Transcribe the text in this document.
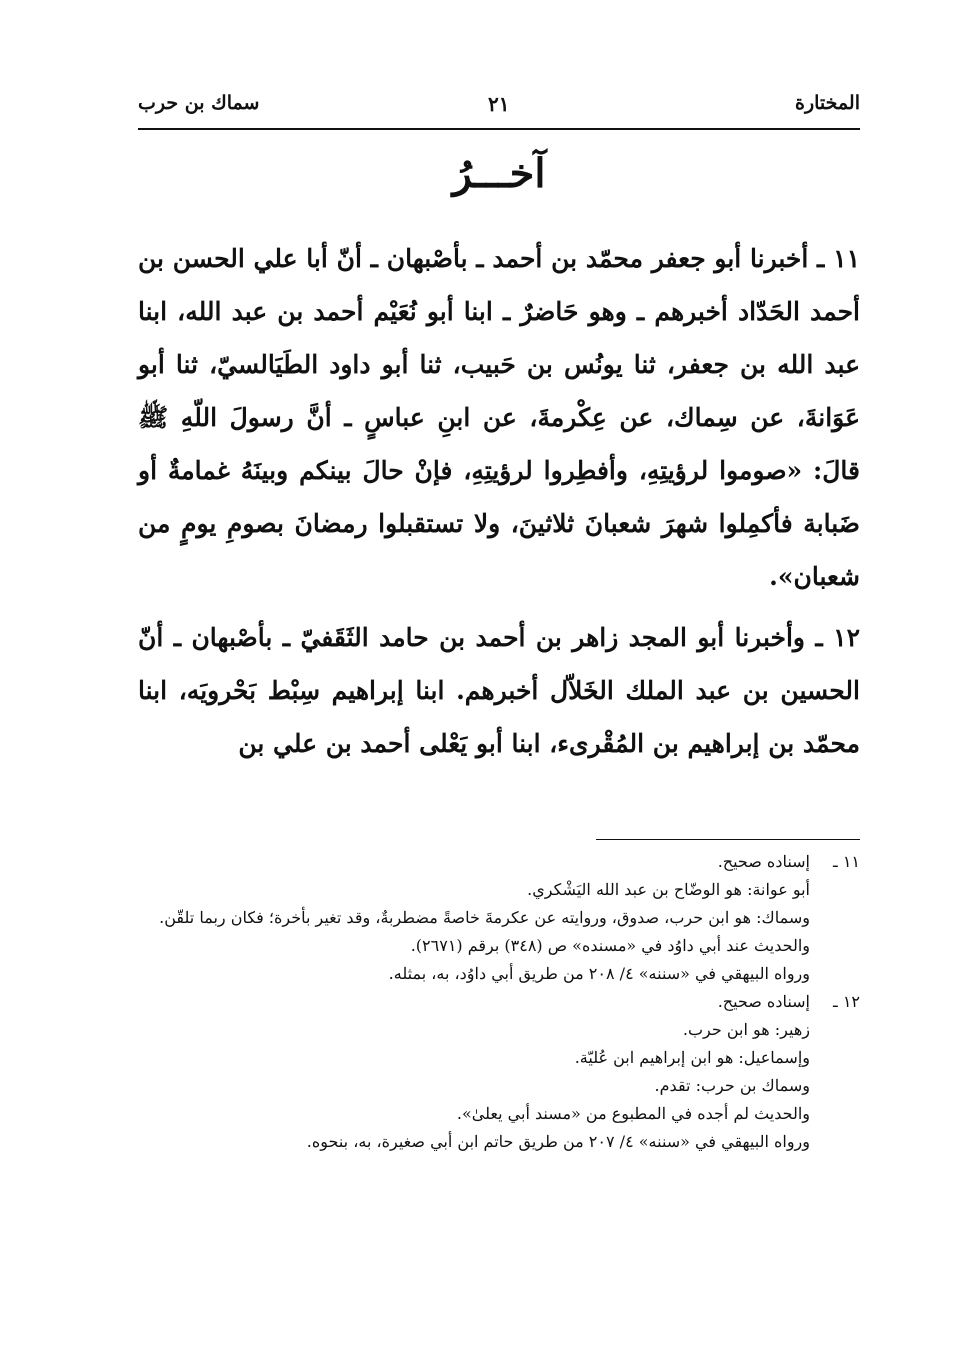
المختارة
٢١
سماك بن حرب
آخـــرُ

١١ ـ أخبرنا أبو جعفر محمّد بن أحمد ـ بأصْبهان ـ أنّ أبا علي الحسن بن أحمد الحَدّاد أخبرهم ـ وهو حَاضرٌ ـ ابنا أبو نُعَيْم أحمد بن عبد الله، ابنا عبد الله بن جعفر، ثنا يونُس بن حَبيب، ثنا أبو داود الطَيَالسيّ، ثنا أبو عَوَانةَ، عن سِماك، عن عِكْرمةَ، عن ابنِ عباسٍ ـ أنَّ رسولَ اللّهِ ﷺ قالَ: «صوموا لرؤيتِهِ، وأفطِروا لرؤيتِهِ، فإنْ حالَ بينكم وبينَهُ غمامةٌ أو ضَبابة فأكمِلوا شهرَ شعبانَ ثلاثينَ، ولا تستقبلوا رمضانَ بصومِ يومٍ من شعبان».

١٢ ـ وأخبرنا أبو المجد زاهر بن أحمد بن حامد الثَقَفيّ ـ بأصْبهان ـ أنّ الحسين بن عبد الملك الخَلاّل أخبرهم. ابنا إبراهيم سِبْط بَحْرويَه، ابنا محمّد بن إبراهيم بن المُقْرىء، ابنا أبو يَعْلى أحمد بن علي بن

١١ ـإسناده صحيح.
أبو عوانة: هو الوضّاح بن عبد الله اليَشْكري.
وسماك: هو ابن حرب، صدوق، وروايته عن عكرمةَ خاصةً مضطربةٌ، وقد تغير بأخرة؛ فكان ربما تلقّن.
والحديث عند أبي داوُد في «مسنده» ص (٣٤٨) برقم (٢٦٧١).
ورواه البيهقي في «سننه» ٤/ ٢٠٨ من طريق أبي داوُد، به، بمثله.
١٢ ـإسناده صحيح.
زهير: هو ابن حرب.
وإسماعيل: هو ابن إبراهيم ابن عُليّة.
وسماك بن حرب: تقدم.
والحديث لم أجده في المطبوع من «مسند أبي يعلىٰ».
ورواه البيهقي في «سننه» ٤/ ٢٠٧ من طريق حاتم ابن أبي صغيرة، به، بنحوه.
